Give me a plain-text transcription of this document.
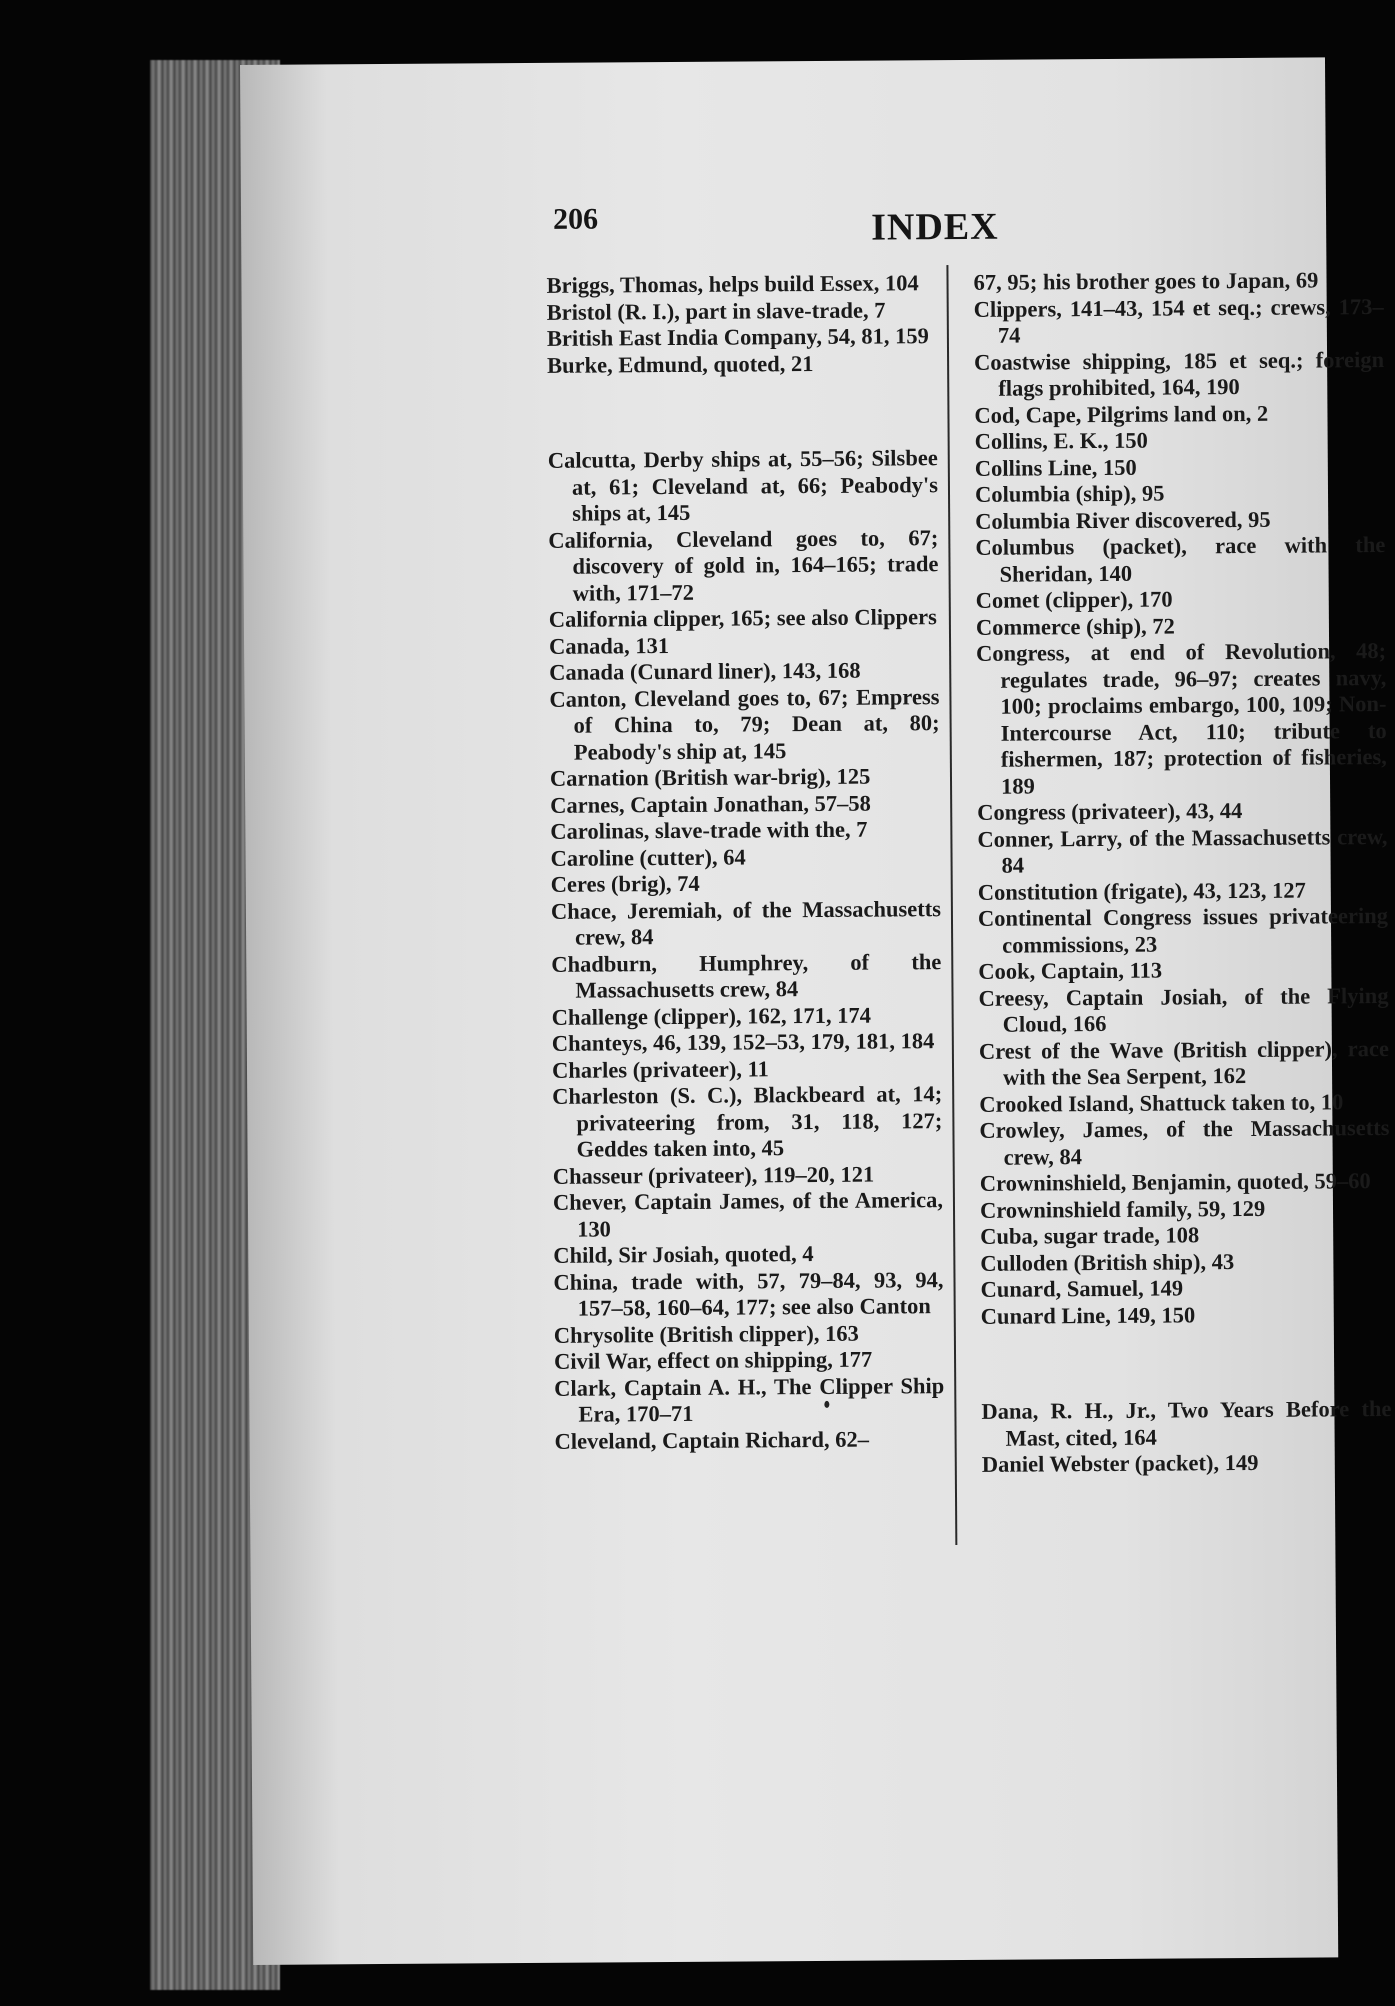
206	INDEX

Briggs, Thomas, helps build Essex, 104

Bristol (R. I.), part in slave-trade, 7

British East India Company, 54, 81, 159

Burke, Edmund, quoted, 21

Calcutta, Derby ships at, 55–56; Silsbee at, 61; Cleveland at, 66; Peabody's ships at, 145

California, Cleveland goes to, 67; discovery of gold in, 164–165; trade with, 171–72

California clipper, 165; see also Clippers

Canada, 131

Canada (Cunard liner), 143, 168

Canton, Cleveland goes to, 67; Empress of China to, 79; Dean at, 80; Peabody's ship at, 145

Carnation (British war-brig), 125

Carnes, Captain Jonathan, 57–58

Carolinas, slave-trade with the, 7

Caroline (cutter), 64

Ceres (brig), 74

Chace, Jeremiah, of the Massachusetts crew, 84

Chadburn, Humphrey, of the Massachusetts crew, 84

Challenge (clipper), 162, 171, 174

Chanteys, 46, 139, 152–53, 179, 181, 184

Charles (privateer), 11

Charleston (S. C.), Blackbeard at, 14; privateering from, 31, 118, 127; Geddes taken into, 45

Chasseur (privateer), 119–20, 121

Chever, Captain James, of the America, 130

Child, Sir Josiah, quoted, 4

China, trade with, 57, 79–84, 93, 94, 157–58, 160–64, 177; see also Canton

Chrysolite (British clipper), 163

Civil War, effect on shipping, 177

Clark, Captain A. H., The Clipper Ship Era, 170–71

Cleveland, Captain Richard, 62–

67, 95; his brother goes to Japan, 69

Clippers, 141–43, 154 et seq.; crews, 173–74

Coastwise shipping, 185 et seq.; foreign flags prohibited, 164, 190

Cod, Cape, Pilgrims land on, 2

Collins, E. K., 150

Collins Line, 150

Columbia (ship), 95

Columbia River discovered, 95

Columbus (packet), race with the Sheridan, 140

Comet (clipper), 170

Commerce (ship), 72

Congress, at end of Revolution, 48; regulates trade, 96–97; creates navy, 100; proclaims embargo, 100, 109; Non-Intercourse Act, 110; tribute to fishermen, 187; protection of fisheries, 189

Congress (privateer), 43, 44

Conner, Larry, of the Massachusetts crew, 84

Constitution (frigate), 43, 123, 127

Continental Congress issues privateering commissions, 23

Cook, Captain, 113

Creesy, Captain Josiah, of the Flying Cloud, 166

Crest of the Wave (British clipper), race with the Sea Serpent, 162

Crooked Island, Shattuck taken to, 10

Crowley, James, of the Massachusetts crew, 84

Crowninshield, Benjamin, quoted, 59–60

Crowninshield family, 59, 129

Cuba, sugar trade, 108

Culloden (British ship), 43

Cunard, Samuel, 149

Cunard Line, 149, 150

Dana, R. H., Jr., Two Years Before the Mast, cited, 164

Daniel Webster (packet), 149
